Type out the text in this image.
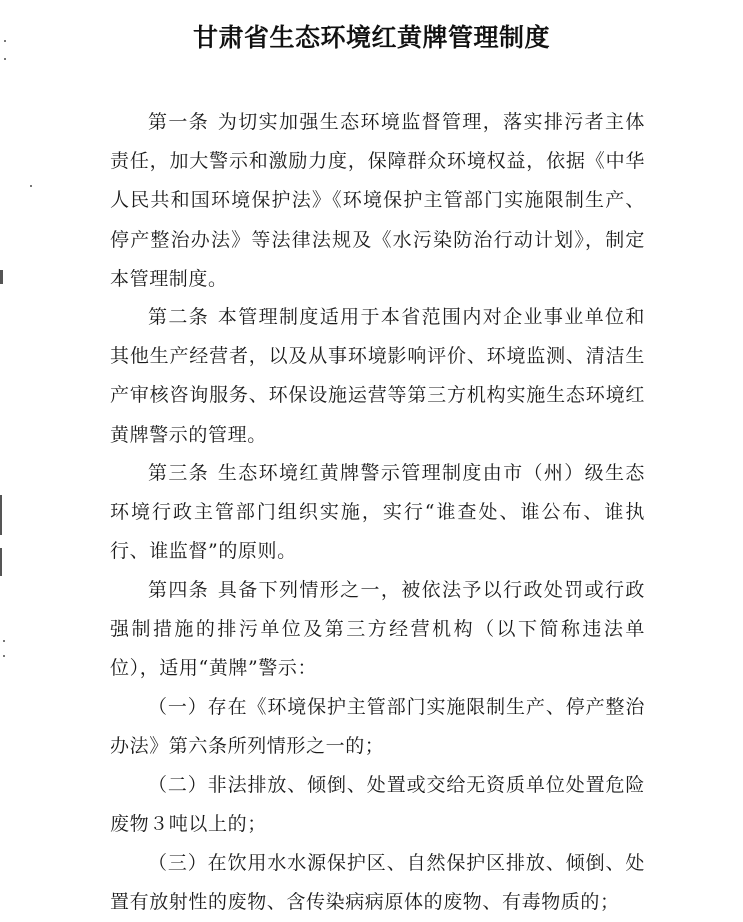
甘肃省生态环境红黄牌管理制度

第一条 为切实加强生态环境监督管理，落实排污者主体责任，加大警示和激励力度，保障群众环境权益，依据《中华人民共和国环境保护法》《环境保护主管部门实施限制生产、停产整治办法》等法律法规及《水污染防治行动计划》，制定本管理制度。

第二条 本管理制度适用于本省范围内对企业事业单位和其他生产经营者，以及从事环境影响评价、环境监测、清洁生产审核咨询服务、环保设施运营等第三方机构实施生态环境红黄牌警示的管理。

第三条 生态环境红黄牌警示管理制度由市（州）级生态环境行政主管部门组织实施，实行“谁查处、谁公布、谁执行、谁监督”的原则。

第四条 具备下列情形之一，被依法予以行政处罚或行政强制措施的排污单位及第三方经营机构（以下简称违法单位），适用“黄牌”警示：

（一）存在《环境保护主管部门实施限制生产、停产整治办法》第六条所列情形之一的；

（二）非法排放、倾倒、处置或交给无资质单位处置危险废物３吨以上的；

（三）在饮用水水源保护区、自然保护区排放、倾倒、处置有放射性的废物、含传染病病原体的废物、有毒物质的；
